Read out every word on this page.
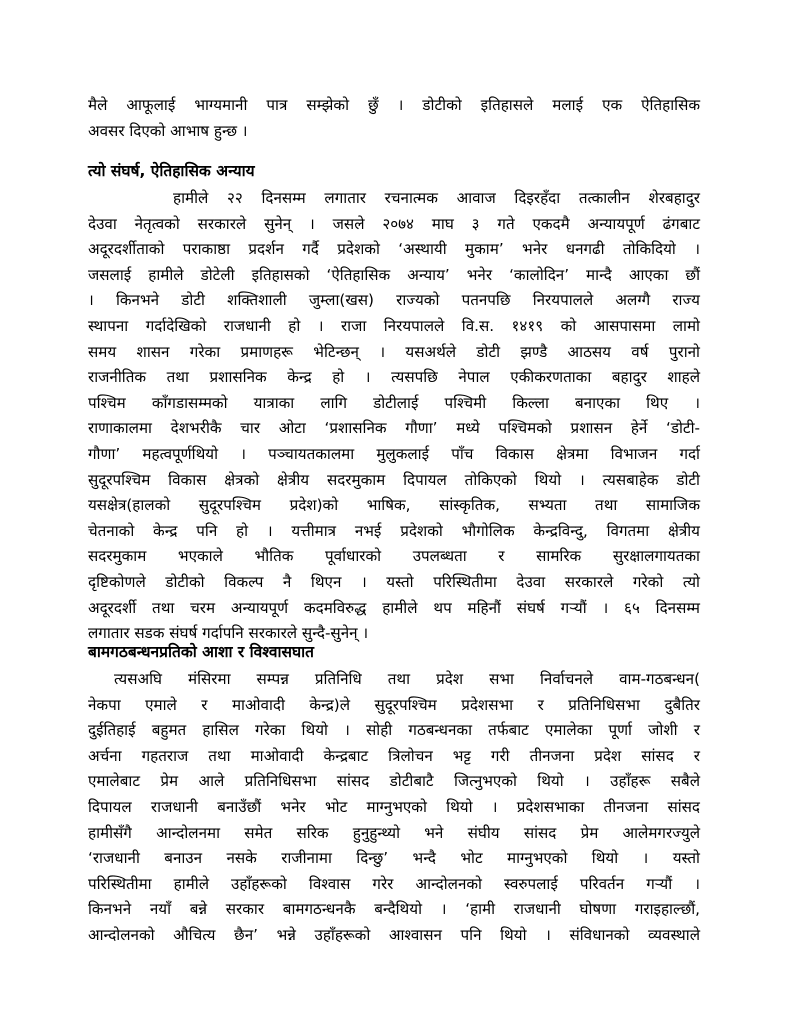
मैले आफूलाई भाग्यमानी पात्र सम्झेको छुँ । डोटीको इतिहासले मलाई एक ऐतिहासिक
अवसर दिएको आभाष हुन्छ ।
त्यो संघर्ष, ऐतिहासिक अन्याय
हामीले २२ दिनसम्म लगातार रचनात्मक आवाज दिइरहँदा तत्कालीन शेरबहादुर
देउवा नेतृत्वको सरकारले सुनेन् । जसले २०७४ माघ ३ गते एकदमै अन्यायपूर्ण ढंगबाट
अदूरदर्शीताको पराकाष्ठा प्रदर्शन गर्दै प्रदेशको ‘अस्थायी मुकाम’ भनेर धनगढी तोकिदियो ।
जसलाई हामीले डोटेली इतिहासको ‘ऐतिहासिक अन्याय’ भनेर ‘कालोदिन’ मान्दै आएका छौं
। किनभने डोटी शक्तिशाली जुम्ला(खस) राज्यको पतनपछि निरयपालले अलग्गै राज्य
स्थापना गर्दादेखिको राजधानी हो । राजा निरयपालले वि.स. १४१९ को आसपासमा लामो
समय शासन गरेका प्रमाणहरू भेटिन्छन् । यसअर्थले डोटी झण्डै आठसय वर्ष पुरानो
राजनीतिक तथा प्रशासनिक केन्द्र हो । त्यसपछि नेपाल एकीकरणताका बहादुर शाहले
पश्चिम काँगडासम्मको यात्राका लागि डोटीलाई पश्चिमी किल्ला बनाएका थिए ।
राणाकालमा देशभरीकै चार ओटा ‘प्रशासनिक गौणा’ मध्ये पश्चिमको प्रशासन हेर्ने ‘डोटी-
गौणा’ महत्वपूर्णथियो । पञ्चायतकालमा मुलुकलाई पाँच विकास क्षेत्रमा विभाजन गर्दा
सुदूरपश्चिम विकास क्षेत्रको क्षेत्रीय सदरमुकाम दिपायल तोकिएको थियो । त्यसबाहेक डोटी
यसक्षेत्र(हालको सुदूरपश्चिम प्रदेश)को भाषिक, सांस्कृतिक, सभ्यता तथा सामाजिक
चेतनाको केन्द्र पनि हो । यत्तीमात्र नभई प्रदेशको भौगोलिक केन्द्रविन्दु, विगतमा क्षेत्रीय
सदरमुकाम भएकाले भौतिक पूर्वाधारको उपलब्धता र सामरिक सुरक्षालगायतका
दृष्टिकोणले डोटीको विकल्प नै थिएन । यस्तो परिस्थितीमा देउवा सरकारले गरेको त्यो
अदूरदर्शी तथा चरम अन्यायपूर्ण कदमविरुद्ध हामीले थप महिनौं संघर्ष गर्‍यौं । ६५ दिनसम्म
लगातार सडक संघर्ष गर्दापनि सरकारले सुन्दै-सुनेन् ।
बामगठबन्धनप्रतिको आशा र विश्वासघात
त्यसअघि मंसिरमा सम्पन्न प्रतिनिधि तथा प्रदेश सभा निर्वाचनले वाम-गठबन्धन(
नेकपा एमाले र माओवादी केन्द्र)ले सुदूरपश्चिम प्रदेशसभा र प्रतिनिधिसभा दुबैतिर
दुईतिहाई बहुमत हासिल गरेका थियो । सोही गठबन्धनका तर्फबाट एमालेका पूर्णा जोशी र
अर्चना गहतराज तथा माओवादी केन्द्रबाट त्रिलोचन भट्ट गरी तीनजना प्रदेश सांसद र
एमालेबाट प्रेम आले प्रतिनिधिसभा सांसद डोटीबाटै जित्नुभएको थियो । उहाँहरू सबैले
दिपायल राजधानी बनाउँछौं भनेर भोट माग्नुभएको थियो । प्रदेशसभाका तीनजना सांसद
हामीसँगै आन्दोलनमा समेत सरिक हुनुहुन्थ्यो भने संघीय सांसद प्रेम आलेमगरज्युले
‘राजधानी बनाउन नसके राजीनामा दिन्छु’ भन्दै भोट माग्नुभएको थियो । यस्तो
परिस्थितीमा हामीले उहाँहरूको विश्वास गरेर आन्दोलनको स्वरुपलाई परिवर्तन गर्‍यौं ।
किनभने नयाँ बन्ने सरकार बामगठन्धनकै बन्दैथियो । ‘हामी राजधानी घोषणा गराइहाल्छौं,
आन्दोलनको औचित्य छैन’ भन्ने उहाँहरूको आश्वासन पनि थियो । संविधानको व्यवस्थाले
